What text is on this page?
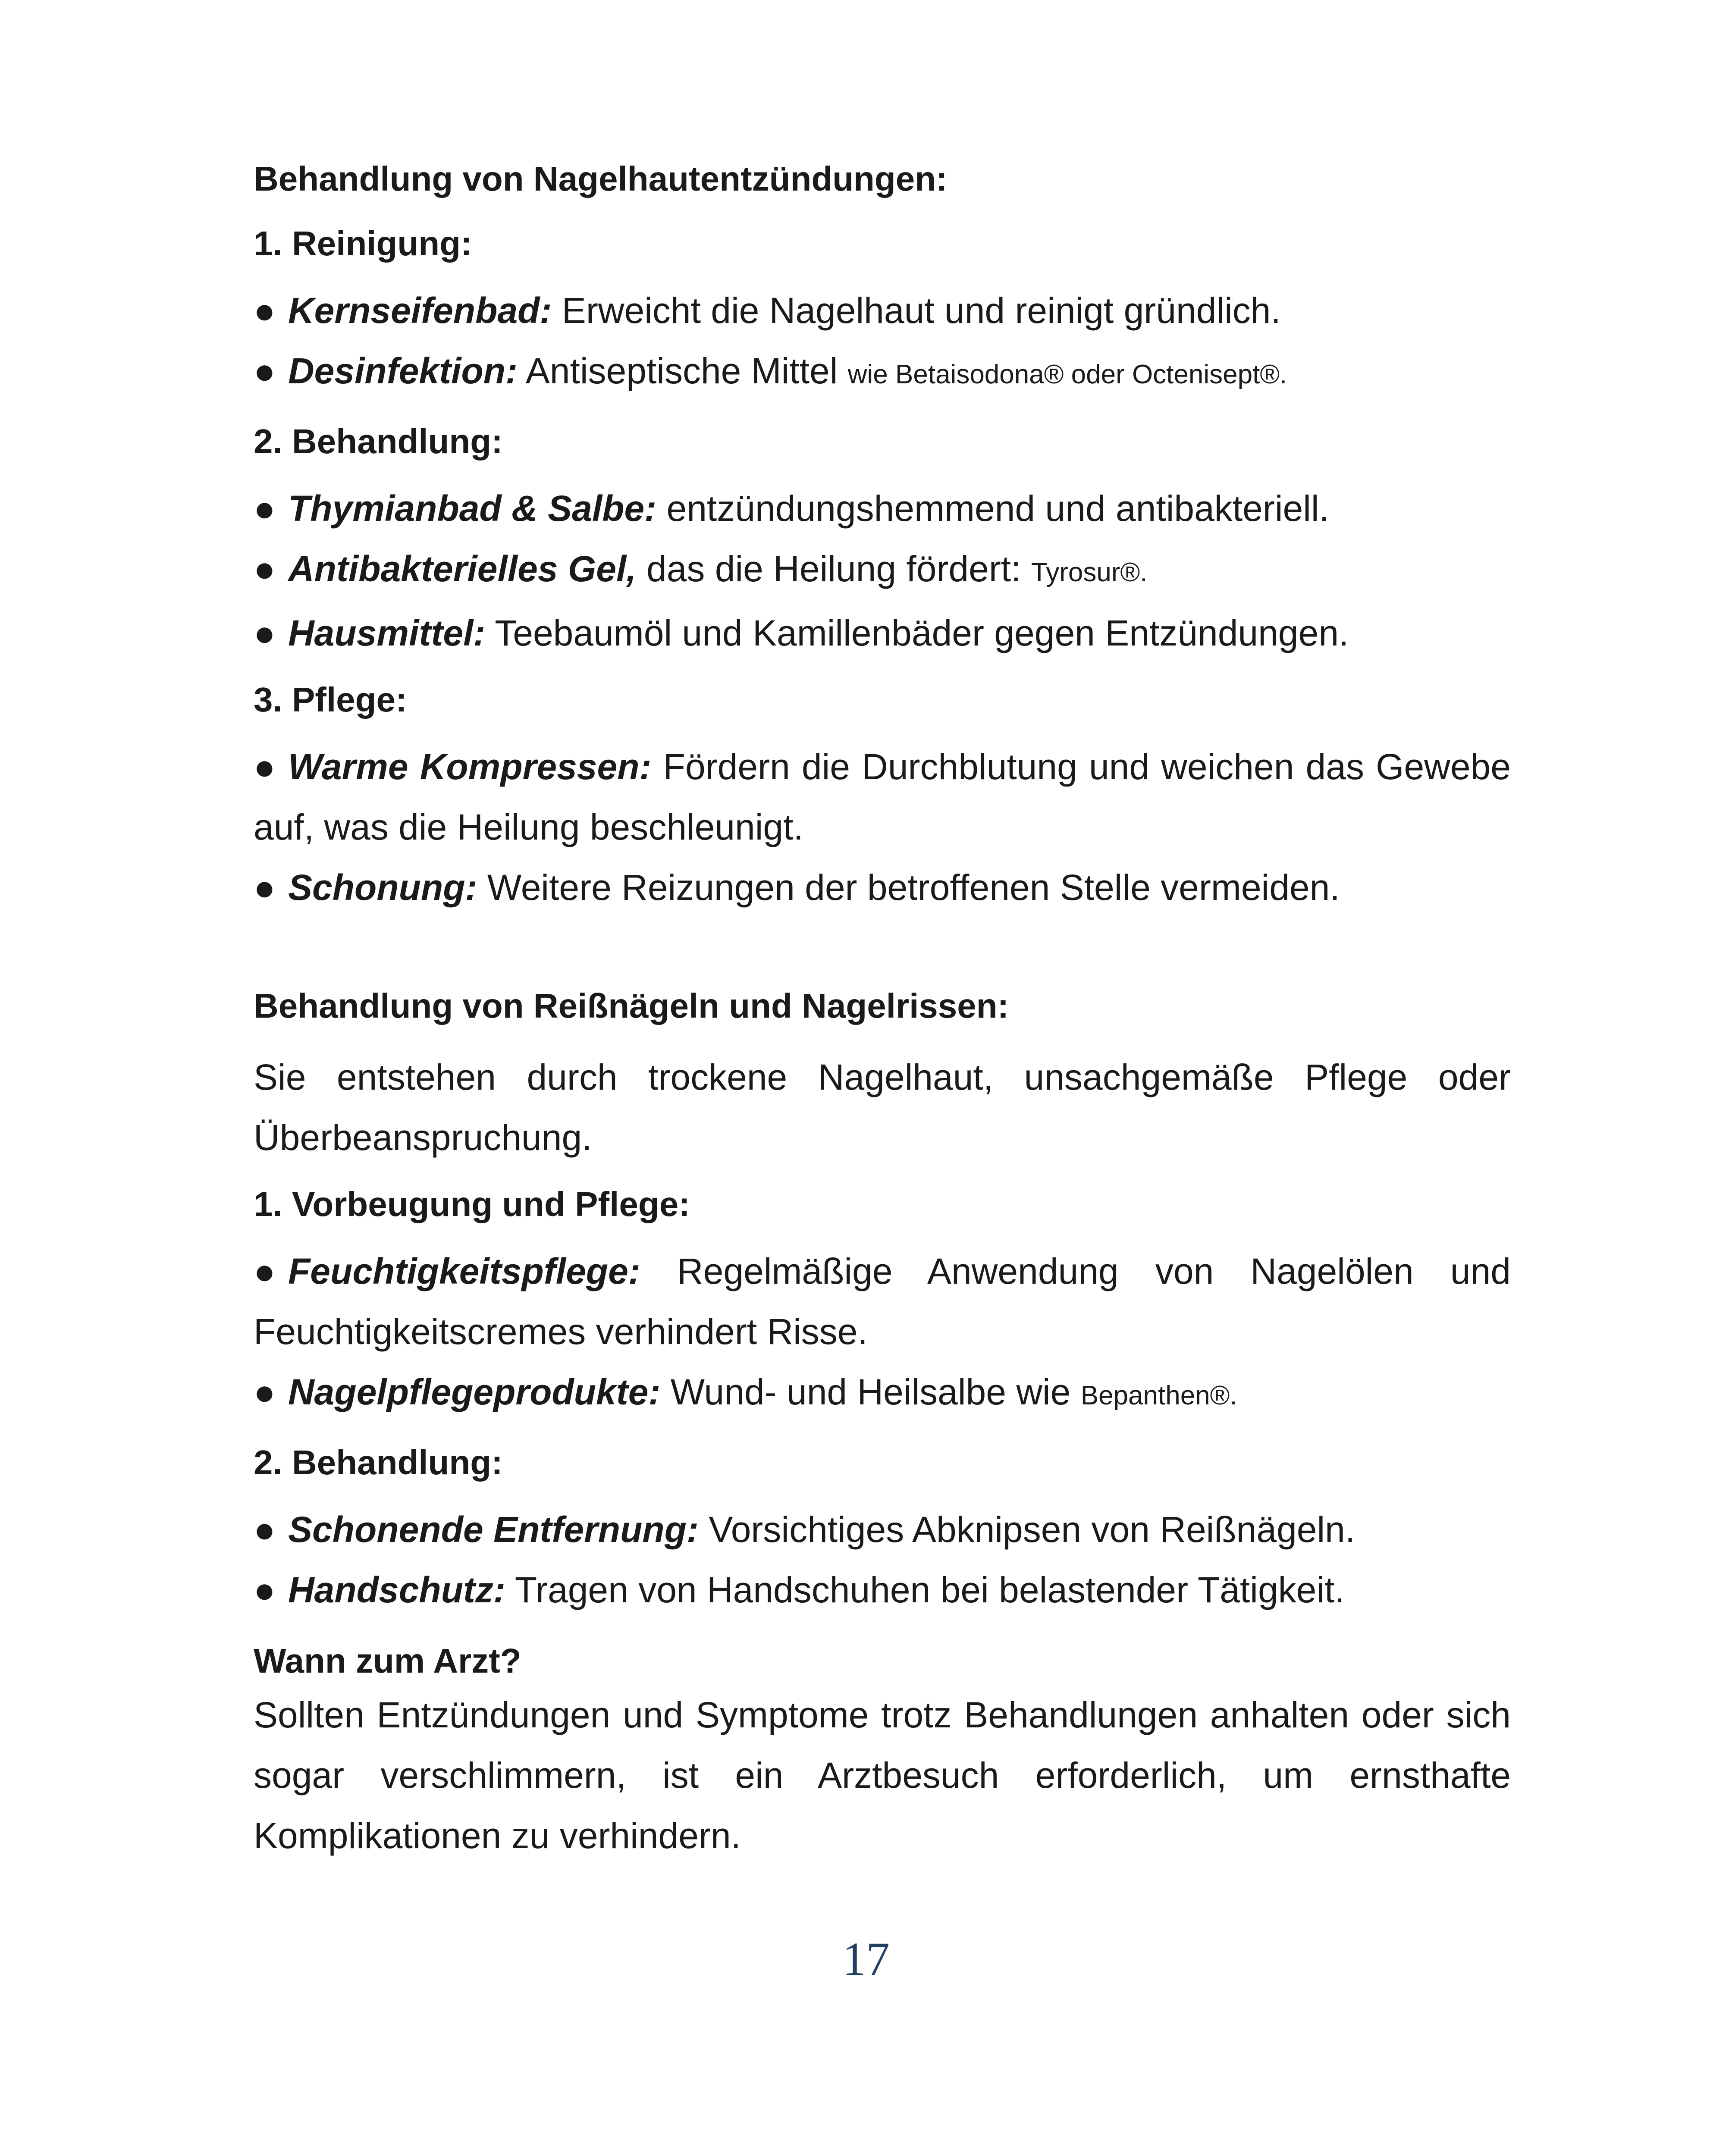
Behandlung von Nagelhautentzündungen:

1. Reinigung:

● Kernseifenbad: Erweicht die Nagelhaut und reinigt gründlich.

● Desinfektion: Antiseptische Mittel wie Betaisodona® oder Octenisept®.

2. Behandlung:

● Thymianbad & Salbe: entzündungshemmend und antibakteriell.

● Antibakterielles Gel, das die Heilung fördert: Tyrosur®.

● Hausmittel: Teebaumöl und Kamillenbäder gegen Entzündungen.

3. Pflege:

● Warme Kompressen: Fördern die Durchblutung und weichen das Gewebe auf, was die Heilung beschleunigt.

● Schonung: Weitere Reizungen der betroffenen Stelle vermeiden.

Behandlung von Reißnägeln und Nagelrissen:

Sie entstehen durch trockene Nagelhaut, unsachgemäße Pflege oder Überbeanspruchung.

1. Vorbeugung und Pflege:

● Feuchtigkeitspflege: Regelmäßige Anwendung von Nagelölen und Feuchtigkeitscremes verhindert Risse.

● Nagelpflegeprodukte: Wund- und Heilsalbe wie Bepanthen®.

2. Behandlung:

● Schonende Entfernung: Vorsichtiges Abknipsen von Reißnägeln.

● Handschutz: Tragen von Handschuhen bei belastender Tätigkeit.

Wann zum Arzt?

Sollten Entzündungen und Symptome trotz Behandlungen anhalten oder sich sogar verschlimmern, ist ein Arztbesuch erforderlich, um ernsthafte Komplikationen zu verhindern.

17
